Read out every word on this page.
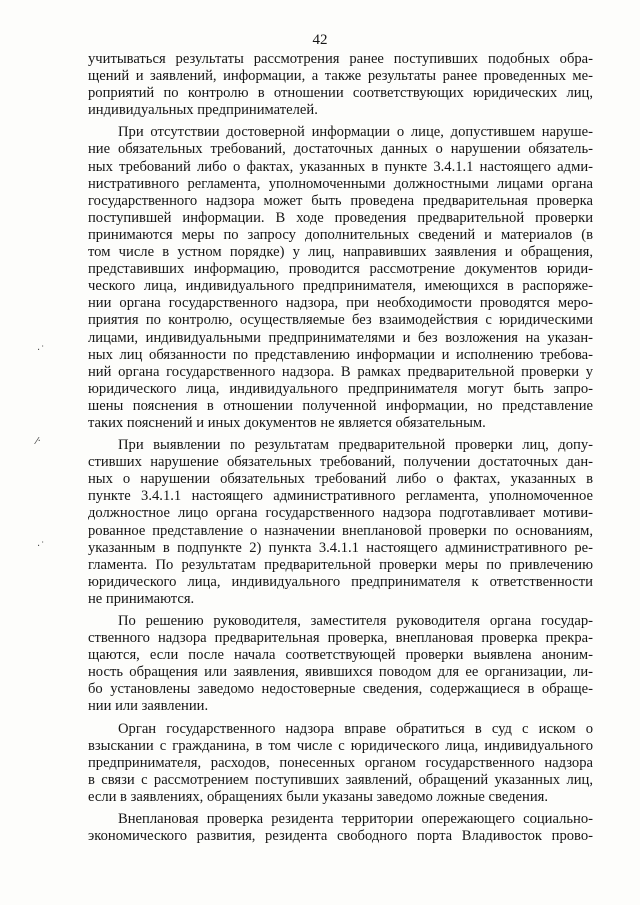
42
·˙
⁄·
·˙
учитываться результаты рассмотрения ранее поступивших подобных обра-
щений и заявлений, информации, а также результаты ранее проведенных ме-
роприятий по контролю в отношении соответствующих юридических лиц,
индивидуальных предпринимателей.
При отсутствии достоверной информации о лице, допустившем наруше-
ние обязательных требований, достаточных данных о нарушении обязатель-
ных требований либо о фактах, указанных в пункте 3.4.1.1 настоящего адми-
нистративного регламента, уполномоченными должностными лицами органа
государственного надзора может быть проведена предварительная проверка
поступившей информации. В ходе проведения предварительной проверки
принимаются меры по запросу дополнительных сведений и материалов (в
том числе в устном порядке) у лиц, направивших заявления и обращения,
представивших информацию, проводится рассмотрение документов юриди-
ческого лица, индивидуального предпринимателя, имеющихся в распоряже-
нии органа государственного надзора, при необходимости проводятся меро-
приятия по контролю, осуществляемые без взаимодействия с юридическими
лицами, индивидуальными предпринимателями и без возложения на указан-
ных лиц обязанности по представлению информации и исполнению требова-
ний органа государственного надзора. В рамках предварительной проверки у
юридического лица, индивидуального предпринимателя могут быть запро-
шены пояснения в отношении полученной информации, но представление
таких пояснений и иных документов не является обязательным.
При выявлении по результатам предварительной проверки лиц, допу-
стивших нарушение обязательных требований, получении достаточных дан-
ных о нарушении обязательных требований либо о фактах, указанных в
пункте 3.4.1.1 настоящего административного регламента, уполномоченное
должностное лицо органа государственного надзора подготавливает мотиви-
рованное представление о назначении внеплановой проверки по основаниям,
указанным в подпункте 2) пункта 3.4.1.1 настоящего административного ре-
гламента. По результатам предварительной проверки меры по привлечению
юридического лица, индивидуального предпринимателя к ответственности
не принимаются.
По решению руководителя, заместителя руководителя органа государ-
ственного надзора предварительная проверка, внеплановая проверка прекра-
щаются, если после начала соответствующей проверки выявлена аноним-
ность обращения или заявления, явившихся поводом для ее организации, ли-
бо установлены заведомо недостоверные сведения, содержащиеся в обраще-
нии или заявлении.
Орган государственного надзора вправе обратиться в суд с иском о
взыскании с гражданина, в том числе с юридического лица, индивидуального
предпринимателя, расходов, понесенных органом государственного надзора
в связи с рассмотрением поступивших заявлений, обращений указанных лиц,
если в заявлениях, обращениях были указаны заведомо ложные сведения.
Внеплановая проверка резидента территории опережающего социально-
экономического развития, резидента свободного порта Владивосток прово-
